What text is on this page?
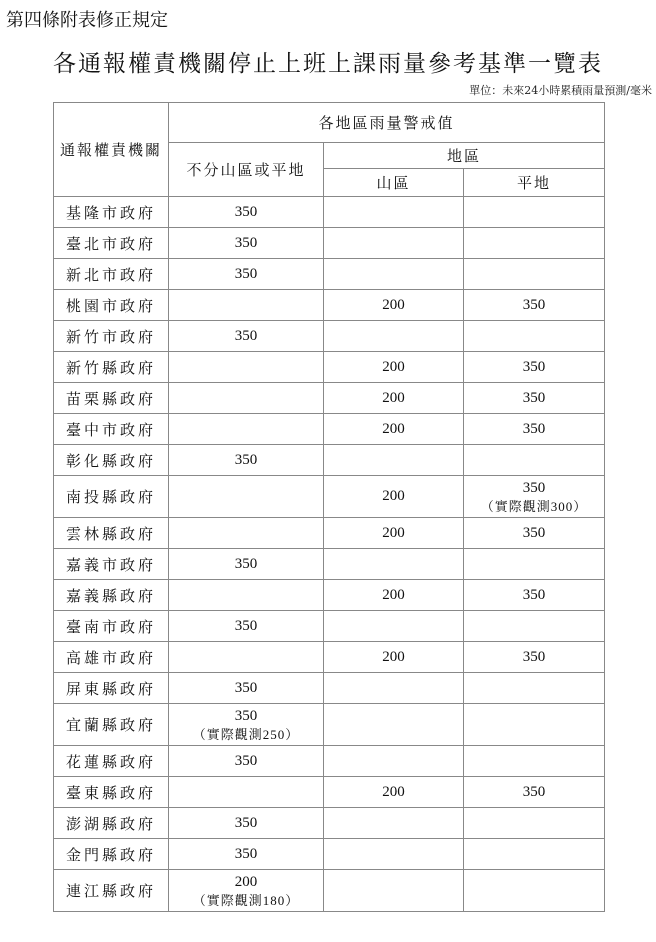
第四條附表修正規定
各通報權責機關停止上班上課雨量參考基準一覽表
單位：未來24小時累積雨量預測/毫米
通報權責機關	各地區雨量警戒值		
	不分山區或平地	地區	
		山區	平地
基隆市政府	350		

臺北市政府	350		

新北市政府	350		

桃園市政府		200	350

新竹市政府	350		

新竹縣政府		200	350

苗栗縣政府		200	350

臺中市政府		200	350

彰化縣政府	350		

南投縣政府		200	350
（實際觀測300）

雲林縣政府		200	350

嘉義市政府	350		

嘉義縣政府		200	350

臺南市政府	350		

高雄市政府		200	350

屏東縣政府	350		

宜蘭縣政府	350
（實際觀測250）		

花蓮縣政府	350		

臺東縣政府		200	350

澎湖縣政府	350		

金門縣政府	350		

連江縣政府	200
（實際觀測180）		
